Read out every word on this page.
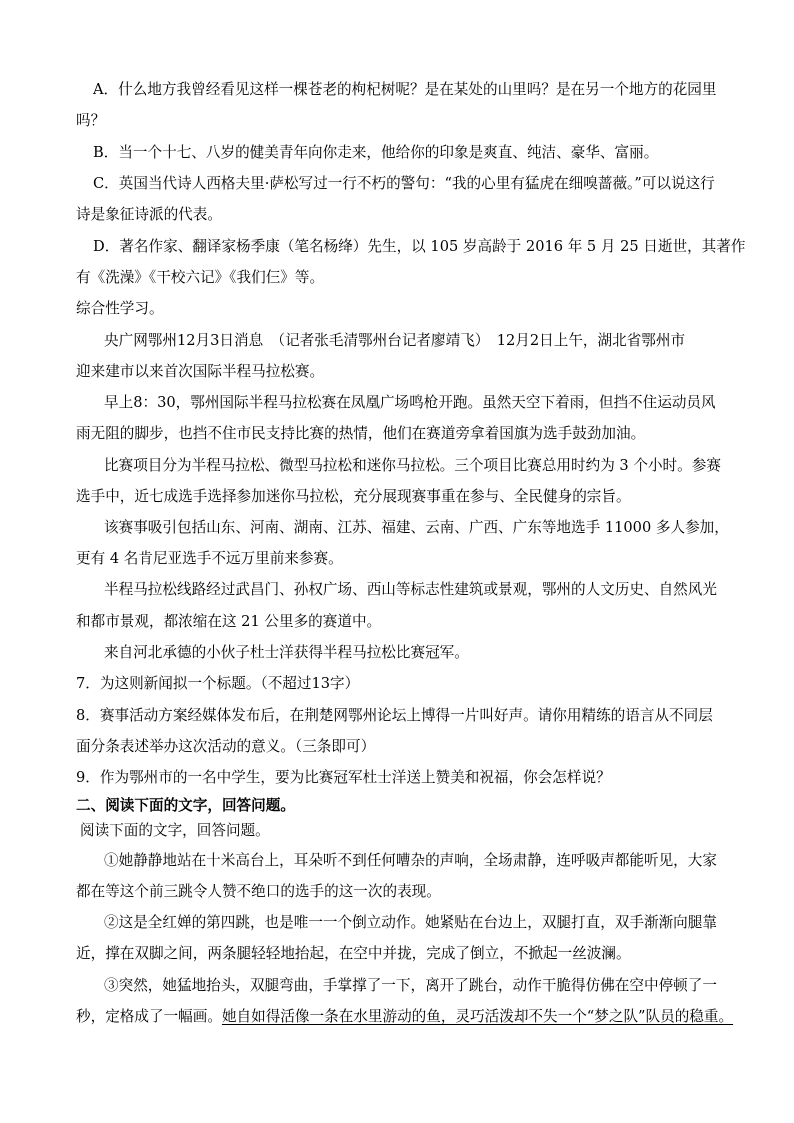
A．什么地方我曾经看见这样一棵苍老的枸杞树呢？是在某处的山里吗？是在另一个地方的花园里
吗？
B．当一个十七、八岁的健美青年向你走来，他给你的印象是爽直、纯洁、豪华、富丽。
C．英国当代诗人西格夫里·萨松写过一行不朽的警句：“我的心里有猛虎在细嗅蔷薇。”可以说这行
诗是象征诗派的代表。
D．著名作家、翻译家杨季康（笔名杨绛）先生，以 105 岁高龄于 2016 年 5 月 25 日逝世，其著作
有《洗澡》《干校六记》《我们仨》等。
综合性学习。
央广网鄂州12月3日消息　（记者张毛清鄂州台记者廖靖飞）　12月2日上午，湖北省鄂州市
迎来建市以来首次国际半程马拉松赛。
早上8：30，鄂州国际半程马拉松赛在凤凰广场鸣枪开跑。虽然天空下着雨，但挡不住运动员风
雨无阻的脚步，也挡不住市民支持比赛的热情，他们在赛道旁拿着国旗为选手鼓劲加油。
比赛项目分为半程马拉松、微型马拉松和迷你马拉松。三个项目比赛总用时约为 3 个小时。参赛
选手中，近七成选手选择参加迷你马拉松，充分展现赛事重在参与、全民健身的宗旨。
该赛事吸引包括山东、河南、湖南、江苏、福建、云南、广西、广东等地选手 11000 多人参加，
更有 4 名肯尼亚选手不远万里前来参赛。
半程马拉松线路经过武昌门、孙权广场、西山等标志性建筑或景观，鄂州的人文历史、自然风光
和都市景观，都浓缩在这 21 公里多的赛道中。
来自河北承德的小伙子杜士洋获得半程马拉松比赛冠军。
7．为这则新闻拟一个标题。（不超过13字）
8．赛事活动方案经媒体发布后，在荆楚网鄂州论坛上博得一片叫好声。请你用精练的语言从不同层
面分条表述举办这次活动的意义。（三条即可）
9．作为鄂州市的一名中学生，要为比赛冠军杜士洋送上赞美和祝福，你会怎样说？
二、阅读下面的文字，回答问题。
阅读下面的文字，回答问题。
①她静静地站在十米高台上，耳朵听不到任何嘈杂的声响，全场肃静，连呼吸声都能听见，大家
都在等这个前三跳令人赞不绝口的选手的这一次的表现。
②这是全红婵的第四跳，也是唯一一个倒立动作。她紧贴在台边上，双腿打直，双手渐渐向腿靠
近，撑在双脚之间，两条腿轻轻地抬起，在空中并拢，完成了倒立，不掀起一丝波澜。
③突然，她猛地抬头，双腿弯曲，手掌撑了一下，离开了跳台，动作干脆得仿佛在空中停顿了一
秒，定格成了一幅画。她自如得活像一条在水里游动的鱼，灵巧活泼却不失一个“梦之队”队员的稳重。
